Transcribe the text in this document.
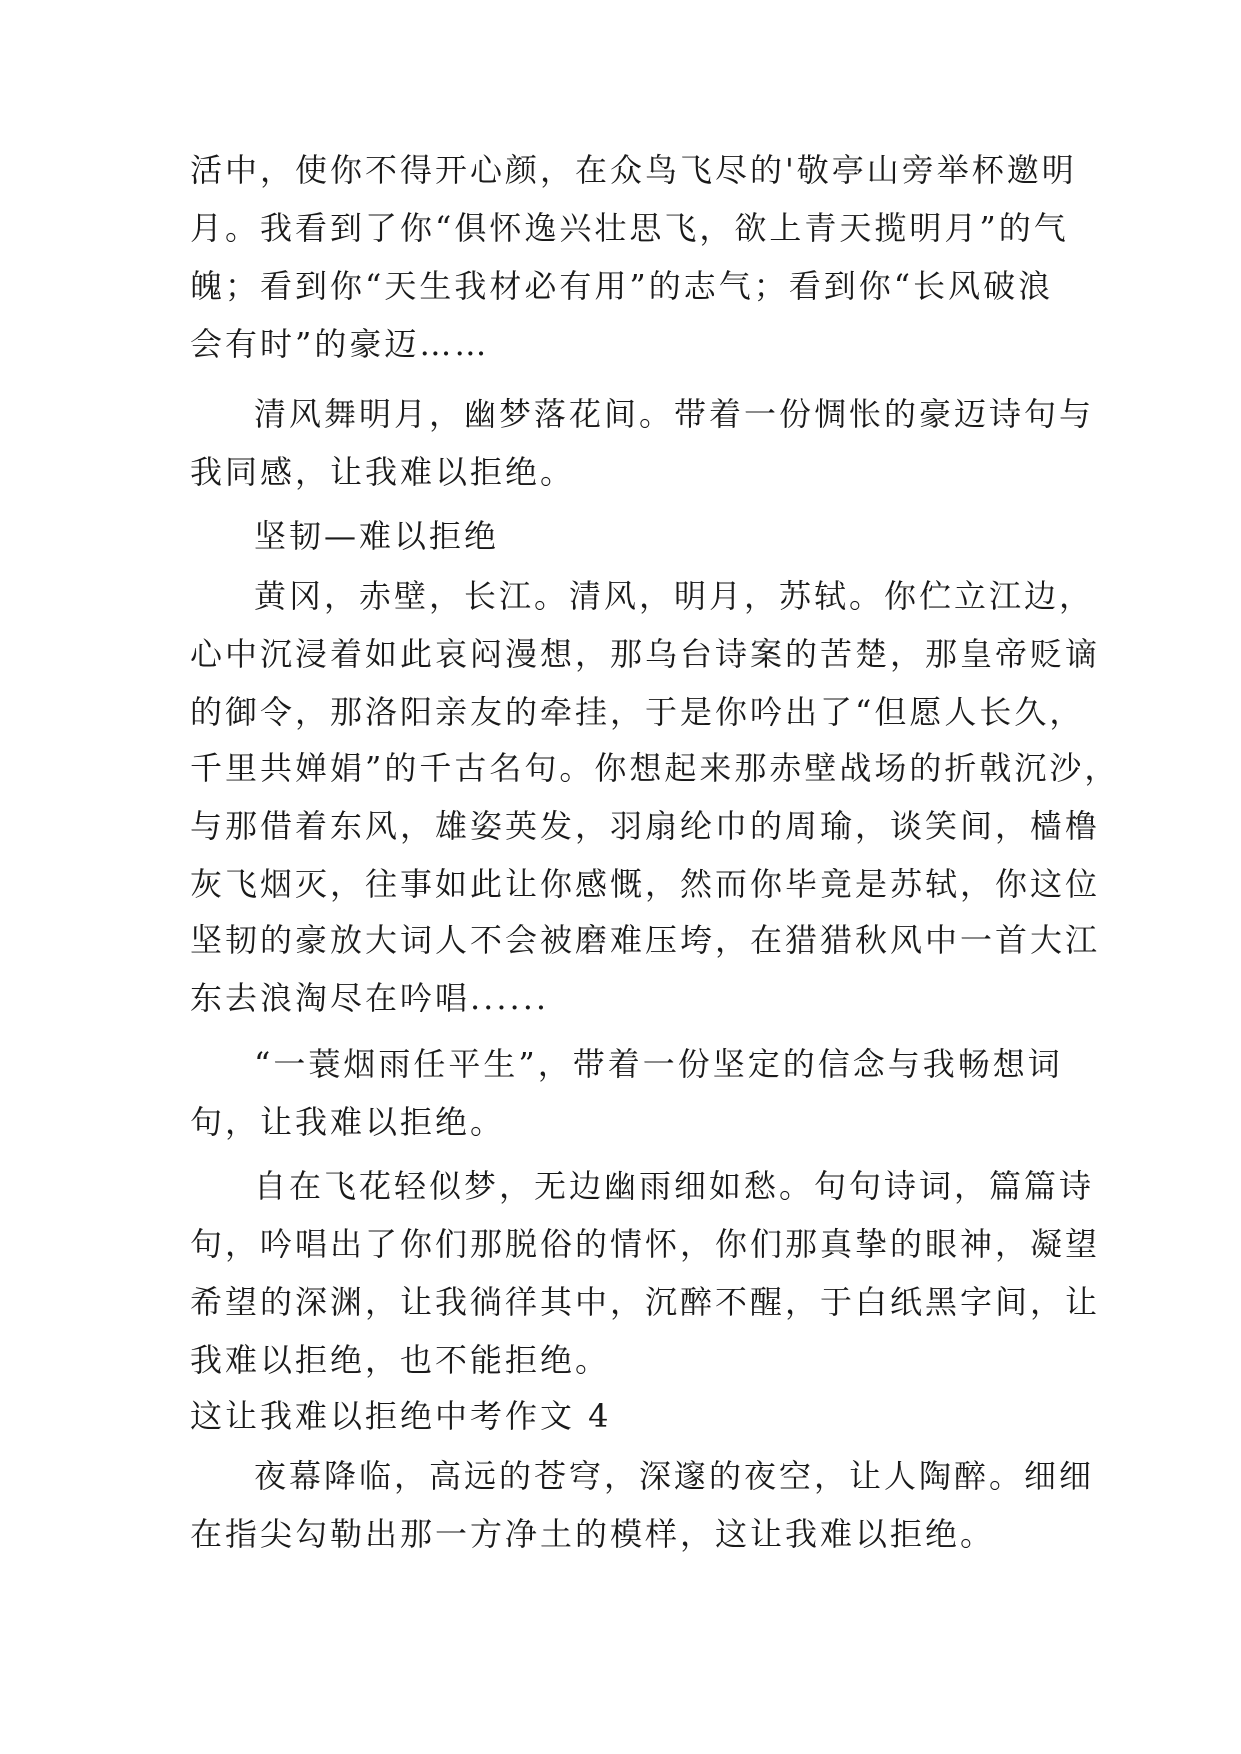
活中，使你不得开心颜，在众鸟飞尽的'敬亭山旁举杯邀明
月。我看到了你“俱怀逸兴壮思飞，欲上青天揽明月”的气
魄；看到你“天生我材必有用”的志气；看到你“长风破浪
会有时”的豪迈……
清风舞明月，幽梦落花间。带着一份惆怅的豪迈诗句与
我同感，让我难以拒绝。
坚韧—难以拒绝
黄冈，赤壁，长江。清风，明月，苏轼。你伫立江边，
心中沉浸着如此哀闷漫想，那乌台诗案的苦楚，那皇帝贬谪
的御令，那洛阳亲友的牵挂，于是你吟出了“但愿人长久，
千里共婵娟”的千古名句。你想起来那赤壁战场的折戟沉沙，
与那借着东风，雄姿英发，羽扇纶巾的周瑜，谈笑间，樯橹
灰飞烟灭，往事如此让你感慨，然而你毕竟是苏轼，你这位
坚韧的豪放大词人不会被磨难压垮，在猎猎秋风中一首大江
东去浪淘尽在吟唱......
“一蓑烟雨任平生”，带着一份坚定的信念与我畅想词
句，让我难以拒绝。
自在飞花轻似梦，无边幽雨细如愁。句句诗词，篇篇诗
句，吟唱出了你们那脱俗的情怀，你们那真挚的眼神，凝望
希望的深渊，让我徜徉其中，沉醉不醒，于白纸黑字间，让
我难以拒绝，也不能拒绝。
这让我难以拒绝中考作文 4
夜幕降临，高远的苍穹，深邃的夜空，让人陶醉。细细
在指尖勾勒出那一方净土的模样，这让我难以拒绝。
